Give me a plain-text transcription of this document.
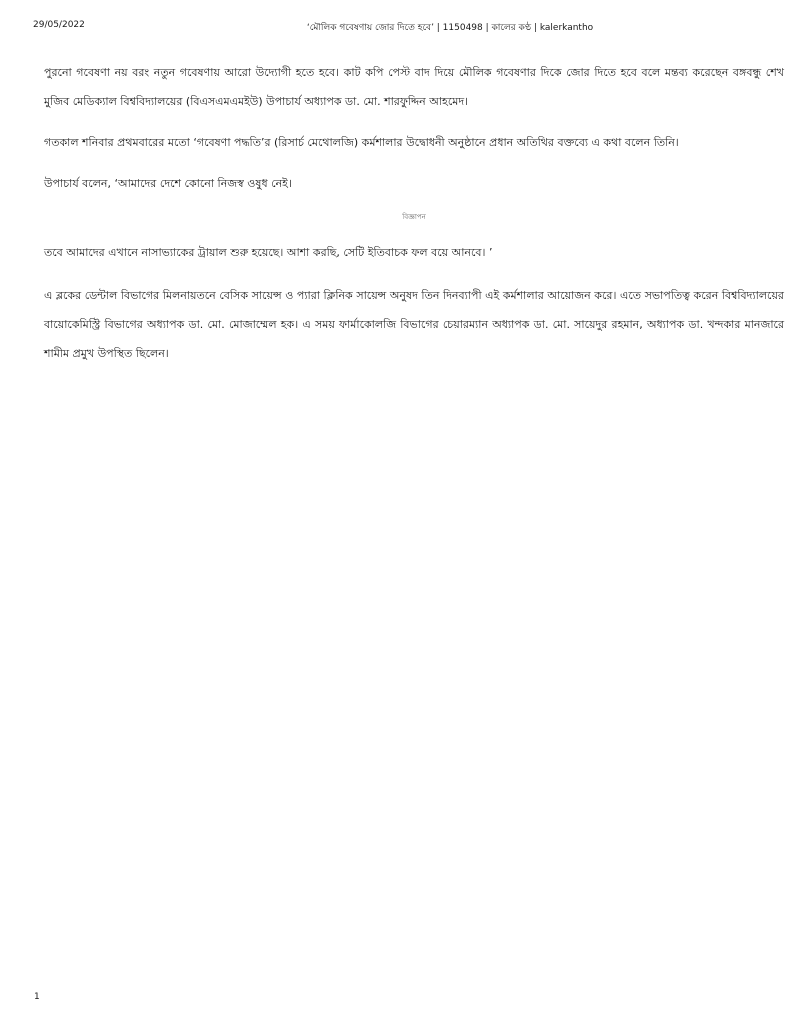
29/05/2022	‘মৌলিক গবেষণায় জোর দিতে হবে’ | 1150498 | কালের কণ্ঠ | kalerkantho

পুরনো গবেষণা নয় বরং নতুন গবেষণায় আরো উদ্যোগী হতে হবে। কাট কপি পেস্ট বাদ দিয়ে মৌলিক গবেষণার দিকে জোর দিতে হবে বলে মন্তব্য করেছেন বঙ্গবন্ধু শেখ মুজিব মেডিক্যাল বিশ্ববিদ্যালয়ের (বিএসএমএমইউ) উপাচার্য অধ্যাপক ডা. মো. শারফুদ্দিন আহমেদ।

গতকাল শনিবার প্রথমবারের মতো ‘গবেষণা পদ্ধতি’র (রিসার্চ মেথোলজি) কর্মশালার উদ্বোধনী অনুষ্ঠানে প্রধান অতিথির বক্তব্যে এ কথা বলেন তিনি।

উপাচার্য বলেন, ‘আমাদের দেশে কোনো নিজস্ব ওষুধ নেই।

বিজ্ঞাপন

তবে আমাদের এখানে নাসাভ্যাকের ট্রায়াল শুরু হয়েছে। আশা করছি, সেটি ইতিবাচক ফল বয়ে আনবে। ’

এ ব্লকের ডেন্টাল বিভাগের মিলনায়তনে বেসিক সায়েন্স ও প্যারা ক্লিনিক সায়েন্স অনুষদ তিন দিনব্যাপী এই কর্মশালার আয়োজন করে। এতে সভাপতিত্ব করেন বিশ্ববিদ্যালয়ের বায়োকেমিস্ট্রি বিভাগের অধ্যাপক ডা. মো. মোজাম্মেল হক। এ সময় ফার্মাকোলজি বিভাগের চেয়ারম্যান অধ্যাপক ডা. মো. সায়েদুর রহমান, অধ্যাপক ডা. খন্দকার মানজারে শামীম প্রমুখ উপস্থিত ছিলেন।

1
